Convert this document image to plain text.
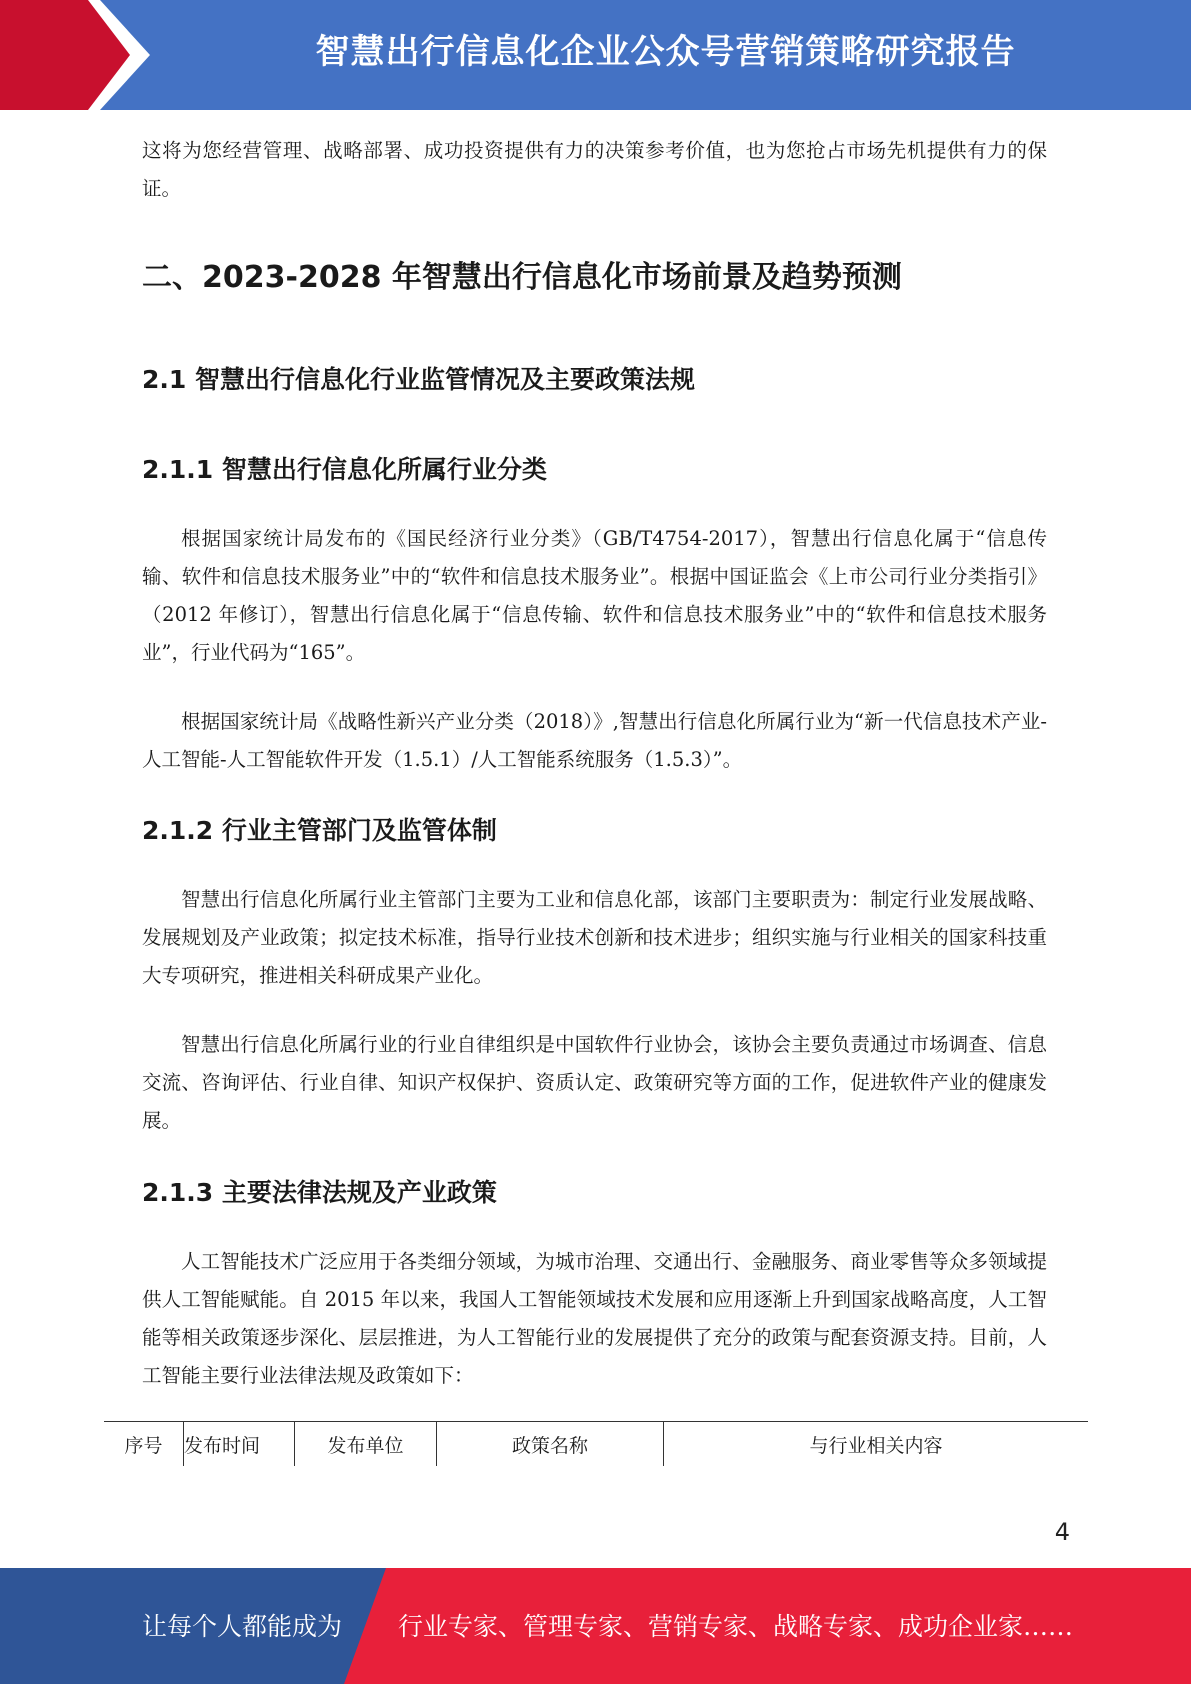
智慧出行信息化企业公众号营销策略研究报告

这将为您经营管理、战略部署、成功投资提供有力的决策参考价值，也为您抢占市场先机提供有力的保证。

二、2023-2028 年智慧出行信息化市场前景及趋势预测
2.1 智慧出行信息化行业监管情况及主要政策法规
2.1.1 智慧出行信息化所属行业分类

根据国家统计局发布的《国民经济行业分类》（GB/T4754-2017），智慧出行信息化属于“信息传输、软件和信息技术服务业”中的“软件和信息技术服务业”。根据中国证监会《上市公司行业分类指引》（2012 年修订），智慧出行信息化属于“信息传输、软件和信息技术服务业”中的“软件和信息技术服务业”，行业代码为“165”。

根据国家统计局《战略性新兴产业分类（2018）》,智慧出行信息化所属行业为“新一代信息技术产业-人工智能-人工智能软件开发（1.5.1）/人工智能系统服务（1.5.3）”。

2.1.2 行业主管部门及监管体制

智慧出行信息化所属行业主管部门主要为工业和信息化部，该部门主要职责为：制定行业发展战略、发展规划及产业政策；拟定技术标准，指导行业技术创新和技术进步；组织实施与行业相关的国家科技重大专项研究，推进相关科研成果产业化。

智慧出行信息化所属行业的行业自律组织是中国软件行业协会，该协会主要负责通过市场调查、信息交流、咨询评估、行业自律、知识产权保护、资质认定、政策研究等方面的工作，促进软件产业的健康发展。

2.1.3 主要法律法规及产业政策

人工智能技术广泛应用于各类细分领域，为城市治理、交通出行、金融服务、商业零售等众多领域提供人工智能赋能。自 2015 年以来，我国人工智能领域技术发展和应用逐渐上升到国家战略高度，人工智能等相关政策逐步深化、层层推进，为人工智能行业的发展提供了充分的政策与配套资源支持。目前，人工智能主要行业法律法规及政策如下：

序号	发布时间	发布单位	政策名称	与行业相关内容
4
让每个人都能成为 行业专家、管理专家、营销专家、战略专家、成功企业家……
